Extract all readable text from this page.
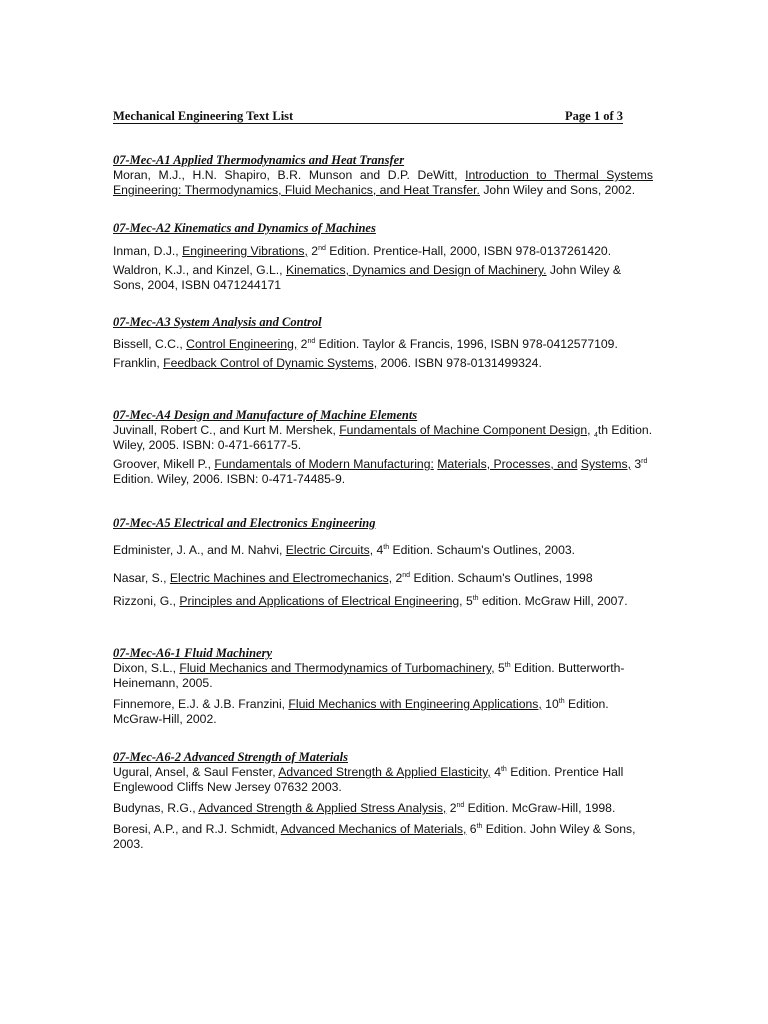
Mechanical Engineering Text List	Page 1 of 3

07-Mec-A1 Applied Thermodynamics and Heat Transfer

Moran, M.J., H.N. Shapiro, B.R. Munson and D.P. DeWitt, Introduction to Thermal Systems

Engineering: Thermodynamics, Fluid Mechanics, and Heat Transfer. John Wiley and Sons, 2002.

07-Mec-A2 Kinematics and Dynamics of Machines

Inman, D.J., Engineering Vibrations, 2nd Edition. Prentice-Hall, 2000, ISBN 978-0137261420.

Waldron, K.J., and Kinzel, G.L., Kinematics, Dynamics and Design of Machinery. John Wiley & Sons, 2004, ISBN 0471244171

07-Mec-A3 System Analysis and Control

Bissell, C.C., Control Engineering, 2nd Edition. Taylor & Francis, 1996, ISBN 978-0412577109.

Franklin, Feedback Control of Dynamic Systems, 2006. ISBN 978-0131499324.

07-Mec-A4 Design and Manufacture of Machine Elements

Juvinall, Robert C., and Kurt M. Mershek, Fundamentals of Machine Component Design, $_4$th Edition. Wiley, 2005. ISBN: 0-471-66177-5.

Groover, Mikell P., Fundamentals of Modern Manufacturing: Materials, Processes, and Systems, 3rd Edition. Wiley, 2006. ISBN: 0-471-74485-9.

07-Mec-A5 Electrical and Electronics Engineering

Edminister, J. A., and M. Nahvi, Electric Circuits, 4th Edition. Schaum's Outlines, 2003.

Nasar, S., Electric Machines and Electromechanics, 2nd Edition. Schaum's Outlines, 1998

Rizzoni, G., Principles and Applications of Electrical Engineering, 5th edition. McGraw Hill, 2007.

07-Mec-A6-1 Fluid Machinery

Dixon, S.L., Fluid Mechanics and Thermodynamics of Turbomachinery, 5th Edition. Butterworth-Heinemann, 2005.

Finnemore, E.J. & J.B. Franzini, Fluid Mechanics with Engineering Applications, 10th Edition. McGraw-Hill, 2002.

07-Mec-A6-2 Advanced Strength of Materials

Ugural, Ansel, & Saul Fenster, Advanced Strength & Applied Elasticity, 4th Edition. Prentice Hall Englewood Cliffs New Jersey 07632 2003.

Budynas, R.G., Advanced Strength & Applied Stress Analysis, 2nd Edition. McGraw-Hill, 1998.

Boresi, A.P., and R.J. Schmidt, Advanced Mechanics of Materials, 6th Edition. John Wiley & Sons, 2003.
